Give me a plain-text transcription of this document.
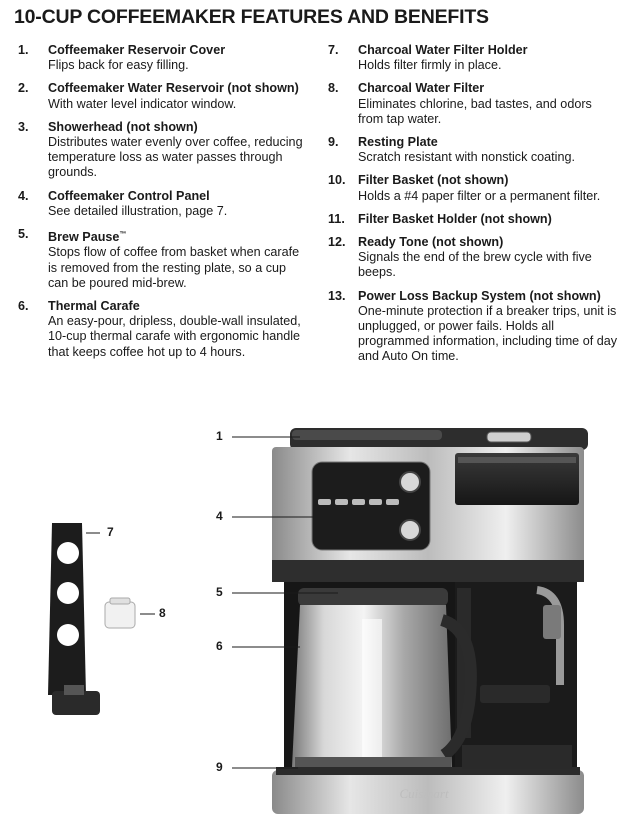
10-CUP COFFEEMAKER FEATURES AND BENEFITS
1. Coffeemaker Reservoir Cover
Flips back for easy filling.
2. Coffeemaker Water Reservoir (not shown)
With water level indicator window.
3. Showerhead (not shown)
Distributes water evenly over coffee, reducing temperature loss as water passes through grounds.
4. Coffeemaker Control Panel
See detailed illustration, page 7.
5. Brew Pause™
Stops flow of coffee from basket when carafe is removed from the resting plate, so a cup can be poured mid-brew.
6. Thermal Carafe
An easy-pour, dripless, double-wall insulated, 10-cup thermal carafe with ergonomic handle that keeps coffee hot up to 4 hours.
7. Charcoal Water Filter Holder
Holds filter firmly in place.
8. Charcoal Water Filter
Eliminates chlorine, bad tastes, and odors from tap water.
9. Resting Plate
Scratch resistant with nonstick coating.
10. Filter Basket (not shown)
Holds a #4 paper filter or a permanent filter.
11. Filter Basket Holder (not shown)
12. Ready Tone (not shown)
Signals the end of the brew cycle with five beeps.
13. Power Loss Backup System (not shown)
One-minute protection if a breaker trips, unit is unplugged, or power fails. Holds all programmed information, including time of day and Auto On time.
Cuisinart
1
4
5
6
9
7
8
